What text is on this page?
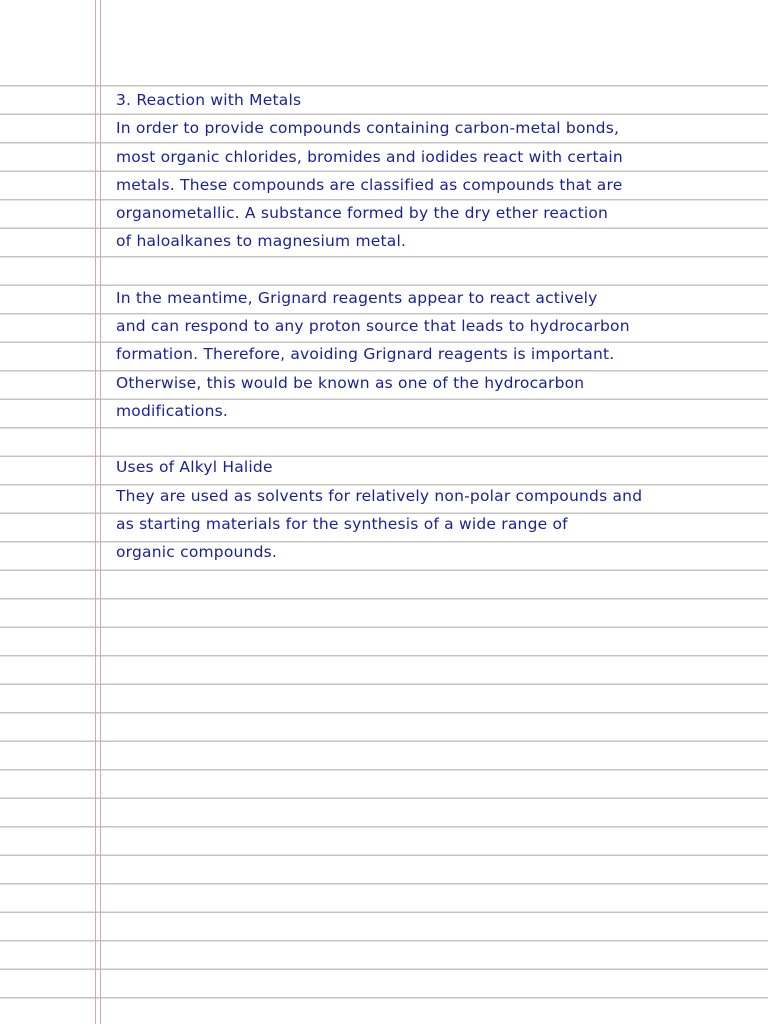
3. Reaction with Metals
In order to provide compounds containing carbon-metal bonds,
most organic chlorides, bromides and iodides react with certain
metals. These compounds are classified as compounds that are
organometallic. A substance formed by the dry ether reaction
of haloalkanes to magnesium metal.
In the meantime, Grignard reagents appear to react actively
and can respond to any proton source that leads to hydrocarbon
formation. Therefore, avoiding Grignard reagents is important.
Otherwise, this would be known as one of the hydrocarbon
modifications.
Uses of Alkyl Halide
They are used as solvents for relatively non-polar compounds and
as starting materials for the synthesis of a wide range of
organic compounds.
